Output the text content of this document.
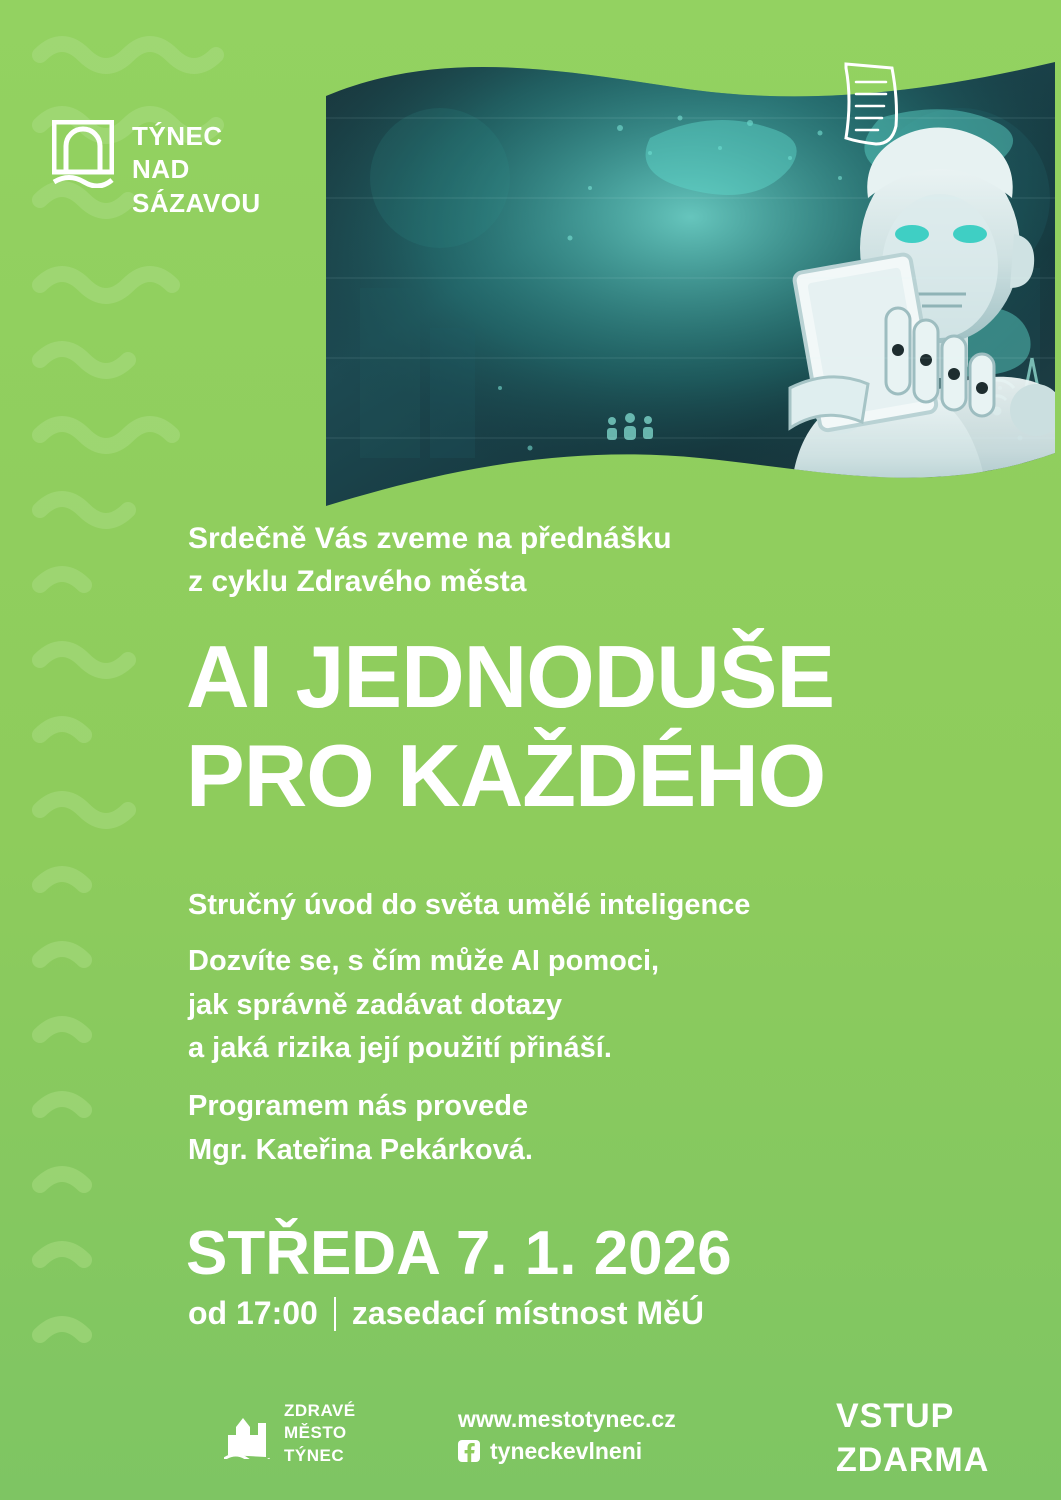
TÝNEC
NAD
SÁZAVOU
Srdečně Vás zveme na přednášku
z cyklu Zdravého města
AI JEDNODUŠE
PRO KAŽDÉHO
Stručný úvod do světa umělé inteligence
Dozvíte se, s čím může AI pomoci,
jak správně zadávat dotazy
a jaká rizika její použití přináší.
Programem nás provede
Mgr. Kateřina Pekárková.
STŘEDA 7. 1. 2026
od 17:00 zasedací místnost MěÚ
ZDRAVÉ
MĚSTO
TÝNEC
www.mestotynec.cz
tyneckevlneni
VSTUP
ZDARMA
